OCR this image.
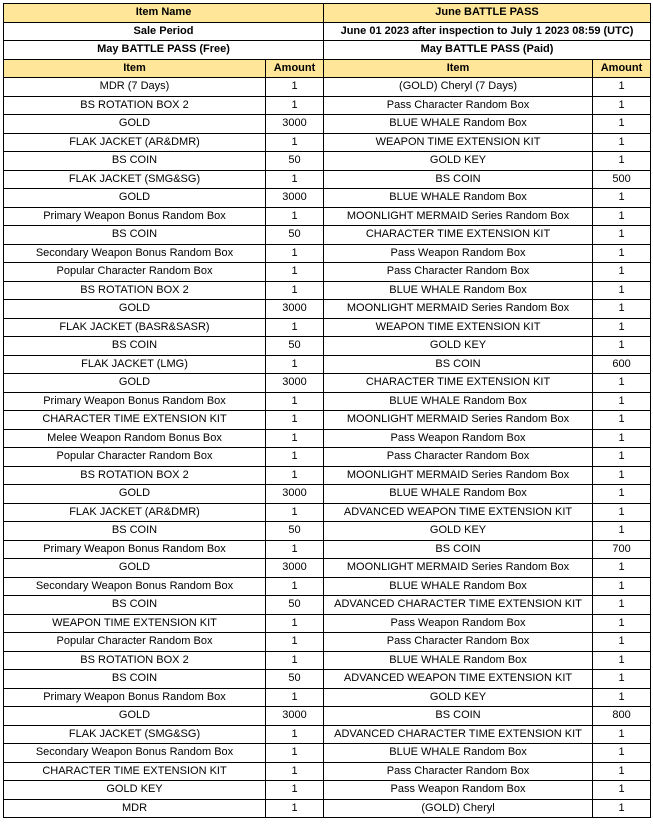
Item Name		June BATTLE PASS	
Sale Period		June 01 2023 after inspection to July 1 2023 08:59 (UTC)	
May BATTLE PASS (Free)		May BATTLE PASS (Paid)	
Item	Amount	Item	Amount
MDR (7 Days)	1	(GOLD) Cheryl (7 Days)	1
BS ROTATION BOX 2	1	Pass Character Random Box	1
GOLD	3000	BLUE WHALE Random Box	1
FLAK JACKET (AR&DMR)	1	WEAPON TIME EXTENSION KIT	1
BS COIN	50	GOLD KEY	1
FLAK JACKET (SMG&SG)	1	BS COIN	500
GOLD	3000	BLUE WHALE Random Box	1
Primary Weapon Bonus Random Box	1	MOONLIGHT MERMAID Series Random Box	1
BS COIN	50	CHARACTER TIME EXTENSION KIT	1
Secondary Weapon Bonus Random Box	1	Pass Weapon Random Box	1
Popular Character Random Box	1	Pass Character Random Box	1
BS ROTATION BOX 2	1	BLUE WHALE Random Box	1
GOLD	3000	MOONLIGHT MERMAID Series Random Box	1
FLAK JACKET (BASR&SASR)	1	WEAPON TIME EXTENSION KIT	1
BS COIN	50	GOLD KEY	1
FLAK JACKET (LMG)	1	BS COIN	600
GOLD	3000	CHARACTER TIME EXTENSION KIT	1
Primary Weapon Bonus Random Box	1	BLUE WHALE Random Box	1
CHARACTER TIME EXTENSION KIT	1	MOONLIGHT MERMAID Series Random Box	1
Melee Weapon Random Bonus Box	1	Pass Weapon Random Box	1
Popular Character Random Box	1	Pass Character Random Box	1
BS ROTATION BOX 2	1	MOONLIGHT MERMAID Series Random Box	1
GOLD	3000	BLUE WHALE Random Box	1
FLAK JACKET (AR&DMR)	1	ADVANCED WEAPON TIME EXTENSION KIT	1
BS COIN	50	GOLD KEY	1
Primary Weapon Bonus Random Box	1	BS COIN	700
GOLD	3000	MOONLIGHT MERMAID Series Random Box	1
Secondary Weapon Bonus Random Box	1	BLUE WHALE Random Box	1
BS COIN	50	ADVANCED CHARACTER TIME EXTENSION KIT	1
WEAPON TIME EXTENSION KIT	1	Pass Weapon Random Box	1
Popular Character Random Box	1	Pass Character Random Box	1
BS ROTATION BOX 2	1	BLUE WHALE Random Box	1
BS COIN	50	ADVANCED WEAPON TIME EXTENSION KIT	1
Primary Weapon Bonus Random Box	1	GOLD KEY	1
GOLD	3000	BS COIN	800
FLAK JACKET (SMG&SG)	1	ADVANCED CHARACTER TIME EXTENSION KIT	1
Secondary Weapon Bonus Random Box	1	BLUE WHALE Random Box	1
CHARACTER TIME EXTENSION KIT	1	Pass Character Random Box	1
GOLD KEY	1	Pass Weapon Random Box	1
MDR	1	(GOLD) Cheryl	1
